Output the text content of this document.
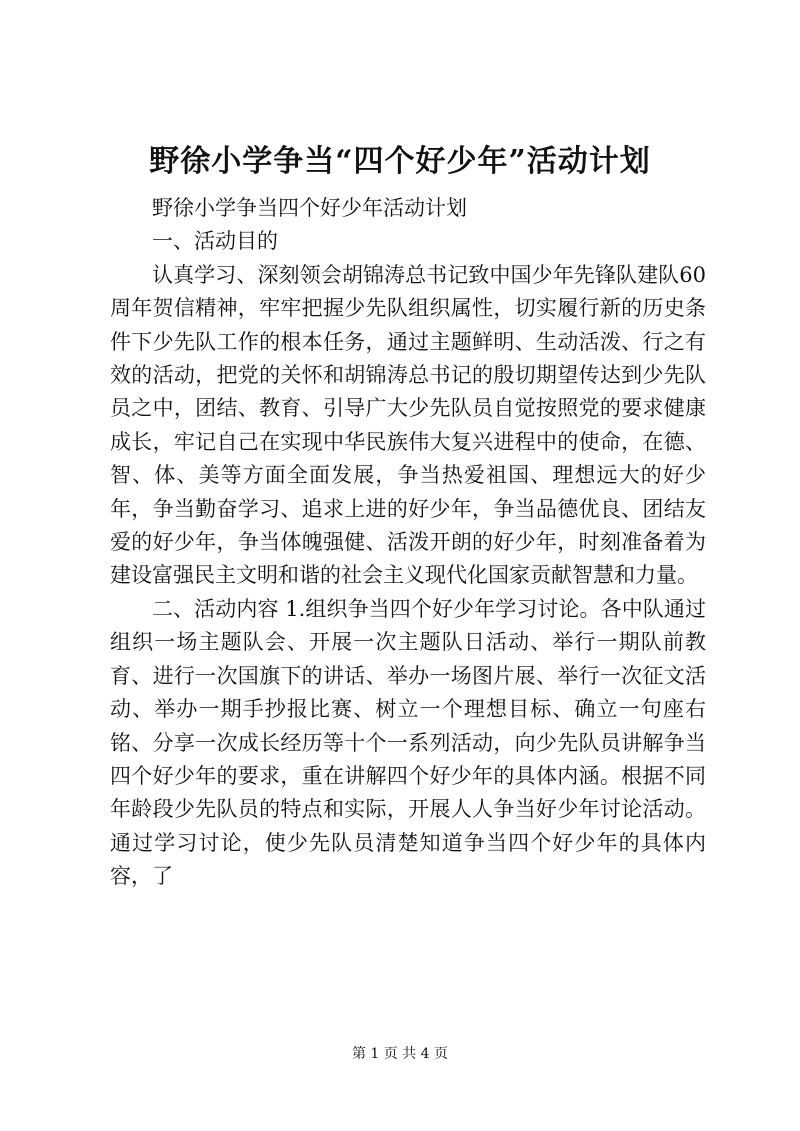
野徐小学争当“四个好少年”活动计划

野徐小学争当四个好少年活动计划

一、活动目的

认真学习、深刻领会胡锦涛总书记致中国少年先锋队建队60周年贺信精神，牢牢把握少先队组织属性，切实履行新的历史条件下少先队工作的根本任务，通过主题鲜明、生动活泼、行之有效的活动，把党的关怀和胡锦涛总书记的殷切期望传达到少先队员之中，团结、教育、引导广大少先队员自觉按照党的要求健康成长，牢记自己在实现中华民族伟大复兴进程中的使命，在德、智、体、美等方面全面发展，争当热爱祖国、理想远大的好少年，争当勤奋学习、追求上进的好少年，争当品德优良、团结友爱的好少年，争当体魄强健、活泼开朗的好少年，时刻准备着为建设富强民主文明和谐的社会主义现代化国家贡献智慧和力量。

二、活动内容 1.组织争当四个好少年学习讨论。各中队通过组织一场主题队会、开展一次主题队日活动、举行一期队前教育、进行一次国旗下的讲话、举办一场图片展、举行一次征文活动、举办一期手抄报比赛、树立一个理想目标、确立一句座右铭、分享一次成长经历等十个一系列活动，向少先队员讲解争当四个好少年的要求，重在讲解四个好少年的具体内涵。根据不同年龄段少先队员的特点和实际，开展人人争当好少年讨论活动。通过学习讨论，使少先队员清楚知道争当四个好少年的具体内容，了

第 1 页 共 4 页
